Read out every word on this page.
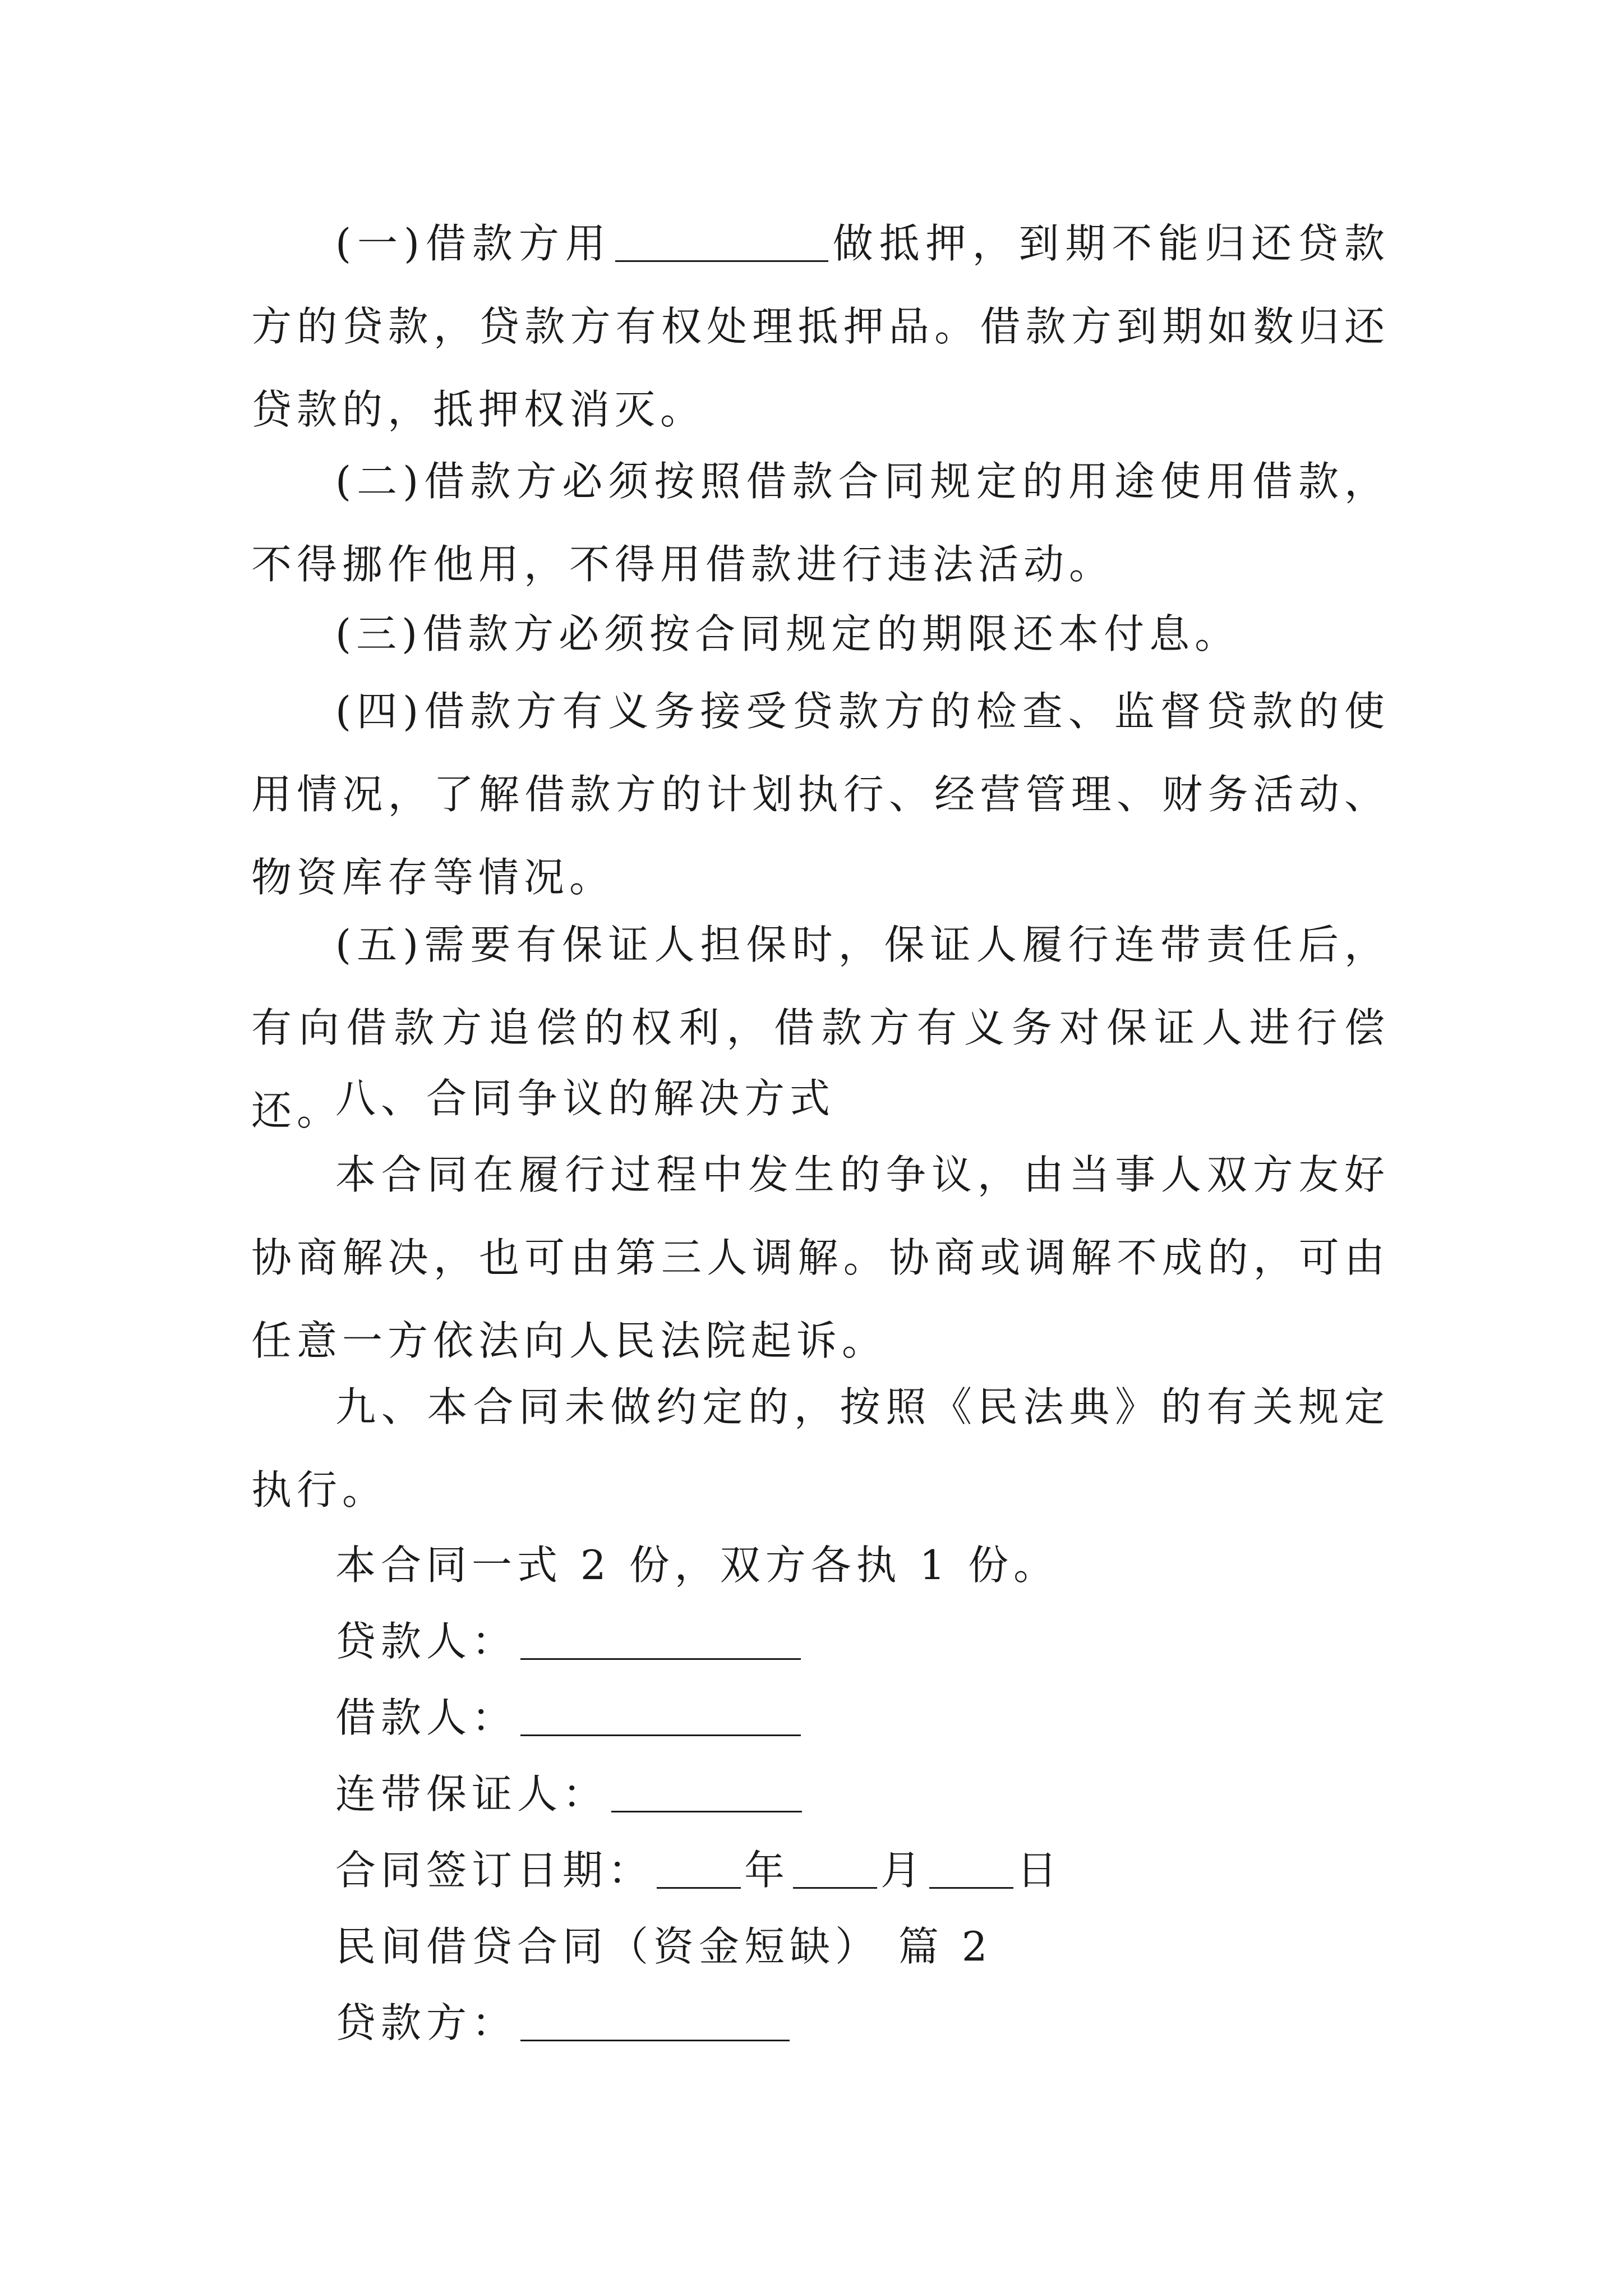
(一)借款方用	做抵押，到期不能归还贷款方的贷款，贷款方有权处理抵押品。借款方到期如数归还贷款的，抵押权消灭。

(二)借款方必须按照借款合同规定的用途使用借款，不得挪作他用，不得用借款进行违法活动。

(三)借款方必须按合同规定的期限还本付息。

(四)借款方有义务接受贷款方的检查、监督贷款的使用情况，了解借款方的计划执行、经营管理、财务活动、物资库存等情况。

(五)需要有保证人担保时，保证人履行连带责任后，有向借款方追偿的权利，借款方有义务对保证人进行偿还。

八、合同争议的解决方式

本合同在履行过程中发生的争议，由当事人双方友好协商解决，也可由第三人调解。协商或调解不成的，可由任意一方依法向人民法院起诉。

九、本合同未做约定的，按照《民法典》的有关规定执行。

本合同一式 2 份，双方各执 1 份。

贷款人：

借款人：

连带保证人：

合同签订日期： 年 月 日

民间借贷合同（资金短缺） 篇 2

贷款方：
